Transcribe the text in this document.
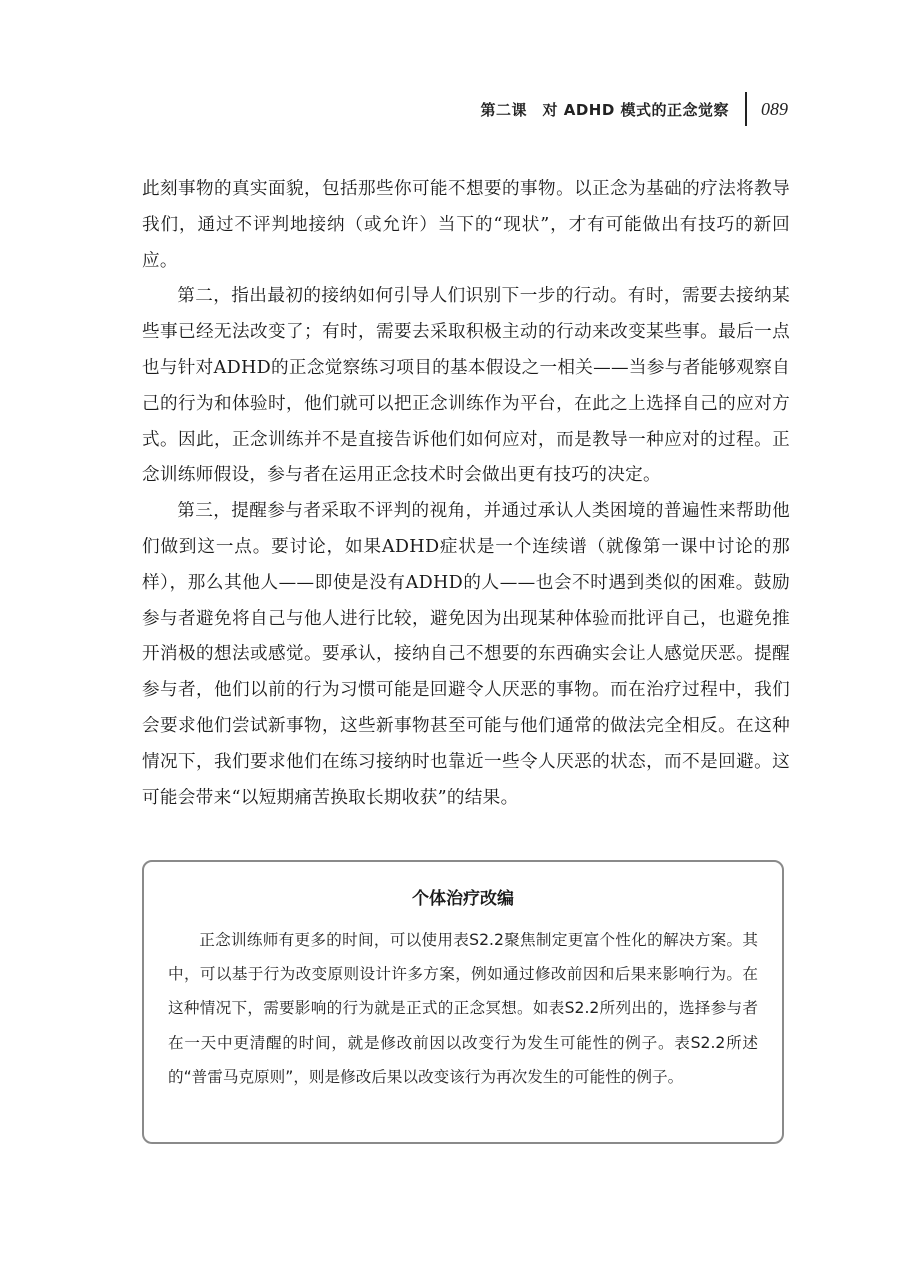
第二课　对 ADHD 模式的正念觉察 089

此刻事物的真实面貌，包括那些你可能不想要的事物。以正念为基础的疗法将教导我们，通过不评判地接纳（或允许）当下的“现状”，才有可能做出有技巧的新回应。

第二，指出最初的接纳如何引导人们识别下一步的行动。有时，需要去接纳某些事已经无法改变了；有时，需要去采取积极主动的行动来改变某些事。最后一点也与针对ADHD的正念觉察练习项目的基本假设之一相关——当参与者能够观察自己的行为和体验时，他们就可以把正念训练作为平台，在此之上选择自己的应对方式。因此，正念训练并不是直接告诉他们如何应对，而是教导一种应对的过程。正念训练师假设，参与者在运用正念技术时会做出更有技巧的决定。

第三，提醒参与者采取不评判的视角，并通过承认人类困境的普遍性来帮助他们做到这一点。要讨论，如果ADHD症状是一个连续谱（就像第一课中讨论的那样），那么其他人——即使是没有ADHD的人——也会不时遇到类似的困难。鼓励参与者避免将自己与他人进行比较，避免因为出现某种体验而批评自己，也避免推开消极的想法或感觉。要承认，接纳自己不想要的东西确实会让人感觉厌恶。提醒参与者，他们以前的行为习惯可能是回避令人厌恶的事物。而在治疗过程中，我们会要求他们尝试新事物，这些新事物甚至可能与他们通常的做法完全相反。在这种情况下，我们要求他们在练习接纳时也靠近一些令人厌恶的状态，而不是回避。这可能会带来“以短期痛苦换取长期收获”的结果。

个体治疗改编

正念训练师有更多的时间，可以使用表S2.2聚焦制定更富个性化的解决方案。其中，可以基于行为改变原则设计许多方案，例如通过修改前因和后果来影响行为。在这种情况下，需要影响的行为就是正式的正念冥想。如表S2.2所列出的，选择参与者在一天中更清醒的时间，就是修改前因以改变行为发生可能性的例子。表S2.2所述的“普雷马克原则”，则是修改后果以改变该行为再次发生的可能性的例子。
